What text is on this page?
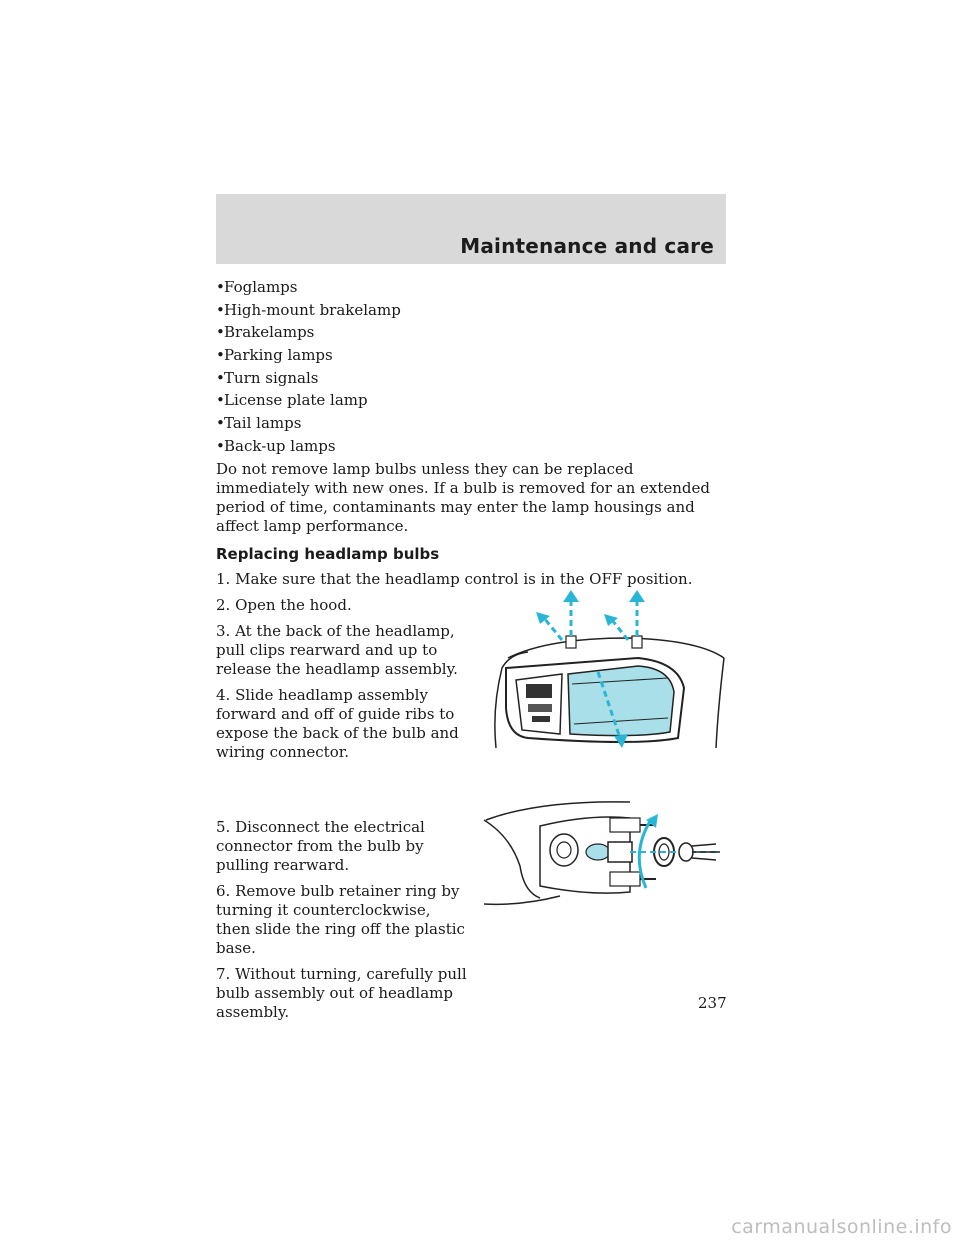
Maintenance and care
•Foglamps
•High-mount brakelamp
•Brakelamps
•Parking lamps
•Turn signals
•License plate lamp
•Tail lamps
•Back-up lamps

Do not remove lamp bulbs unless they can be replaced immediately with new ones. If a bulb is removed for an extended period of time, contaminants may enter the lamp housings and affect lamp performance.

Replacing headlamp bulbs

1. Make sure that the headlamp control is in the OFF position.

2. Open the hood.

3. At the back of the headlamp, pull clips rearward and up to release the headlamp assembly.

4. Slide headlamp assembly forward and off of guide ribs to expose the back of the bulb and wiring connector.

5. Disconnect the electrical connector from the bulb by pulling rearward.

6. Remove bulb retainer ring by turning it counterclockwise, then slide the ring off the plastic base.

7. Without turning, carefully pull bulb assembly out of headlamp assembly.	237
carmanualsonline.info
